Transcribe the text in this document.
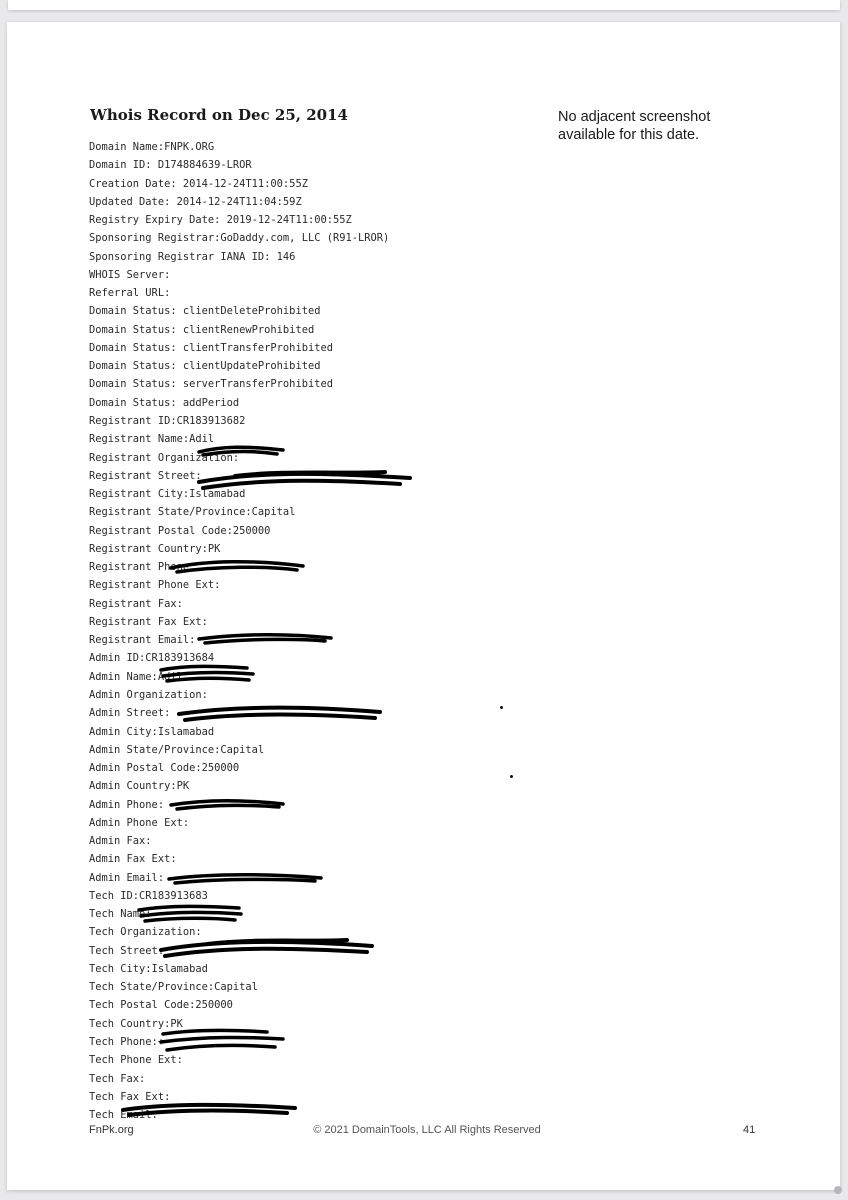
Whois Record on Dec 25, 2014	No adjacent screenshot available for this date.
Domain Name:FNPK.ORG
Domain ID: D174884639-LROR
Creation Date: 2014-12-24T11:00:55Z
Updated Date: 2014-12-24T11:04:59Z
Registry Expiry Date: 2019-12-24T11:00:55Z
Sponsoring Registrar:GoDaddy.com, LLC (R91-LROR)
Sponsoring Registrar IANA ID: 146
WHOIS Server:
Referral URL:
Domain Status: clientDeleteProhibited
Domain Status: clientRenewProhibited
Domain Status: clientTransferProhibited
Domain Status: clientUpdateProhibited
Domain Status: serverTransferProhibited
Domain Status: addPeriod
Registrant ID:CR183913682
Registrant Name:Adil
Registrant Organization:
Registrant Street:
Registrant City:Islamabad
Registrant State/Province:Capital
Registrant Postal Code:250000
Registrant Country:PK
Registrant Phone:
Registrant Phone Ext:
Registrant Fax:
Registrant Fax Ext:
Registrant Email:
Admin ID:CR183913684
Admin Name:Adil
Admin Organization:
Admin Street:
Admin City:Islamabad
Admin State/Province:Capital
Admin Postal Code:250000
Admin Country:PK
Admin Phone:
Admin Phone Ext:
Admin Fax:
Admin Fax Ext:
Admin Email:
Tech ID:CR183913683
Tech Name:
Tech Organization:
Tech Street:
Tech City:Islamabad
Tech State/Province:Capital
Tech Postal Code:250000
Tech Country:PK
Tech Phone:+
Tech Phone Ext:
Tech Fax:
Tech Fax Ext:
Tech Email:
FnPk.org	© 2021 DomainTools, LLC All Rights Reserved	41
